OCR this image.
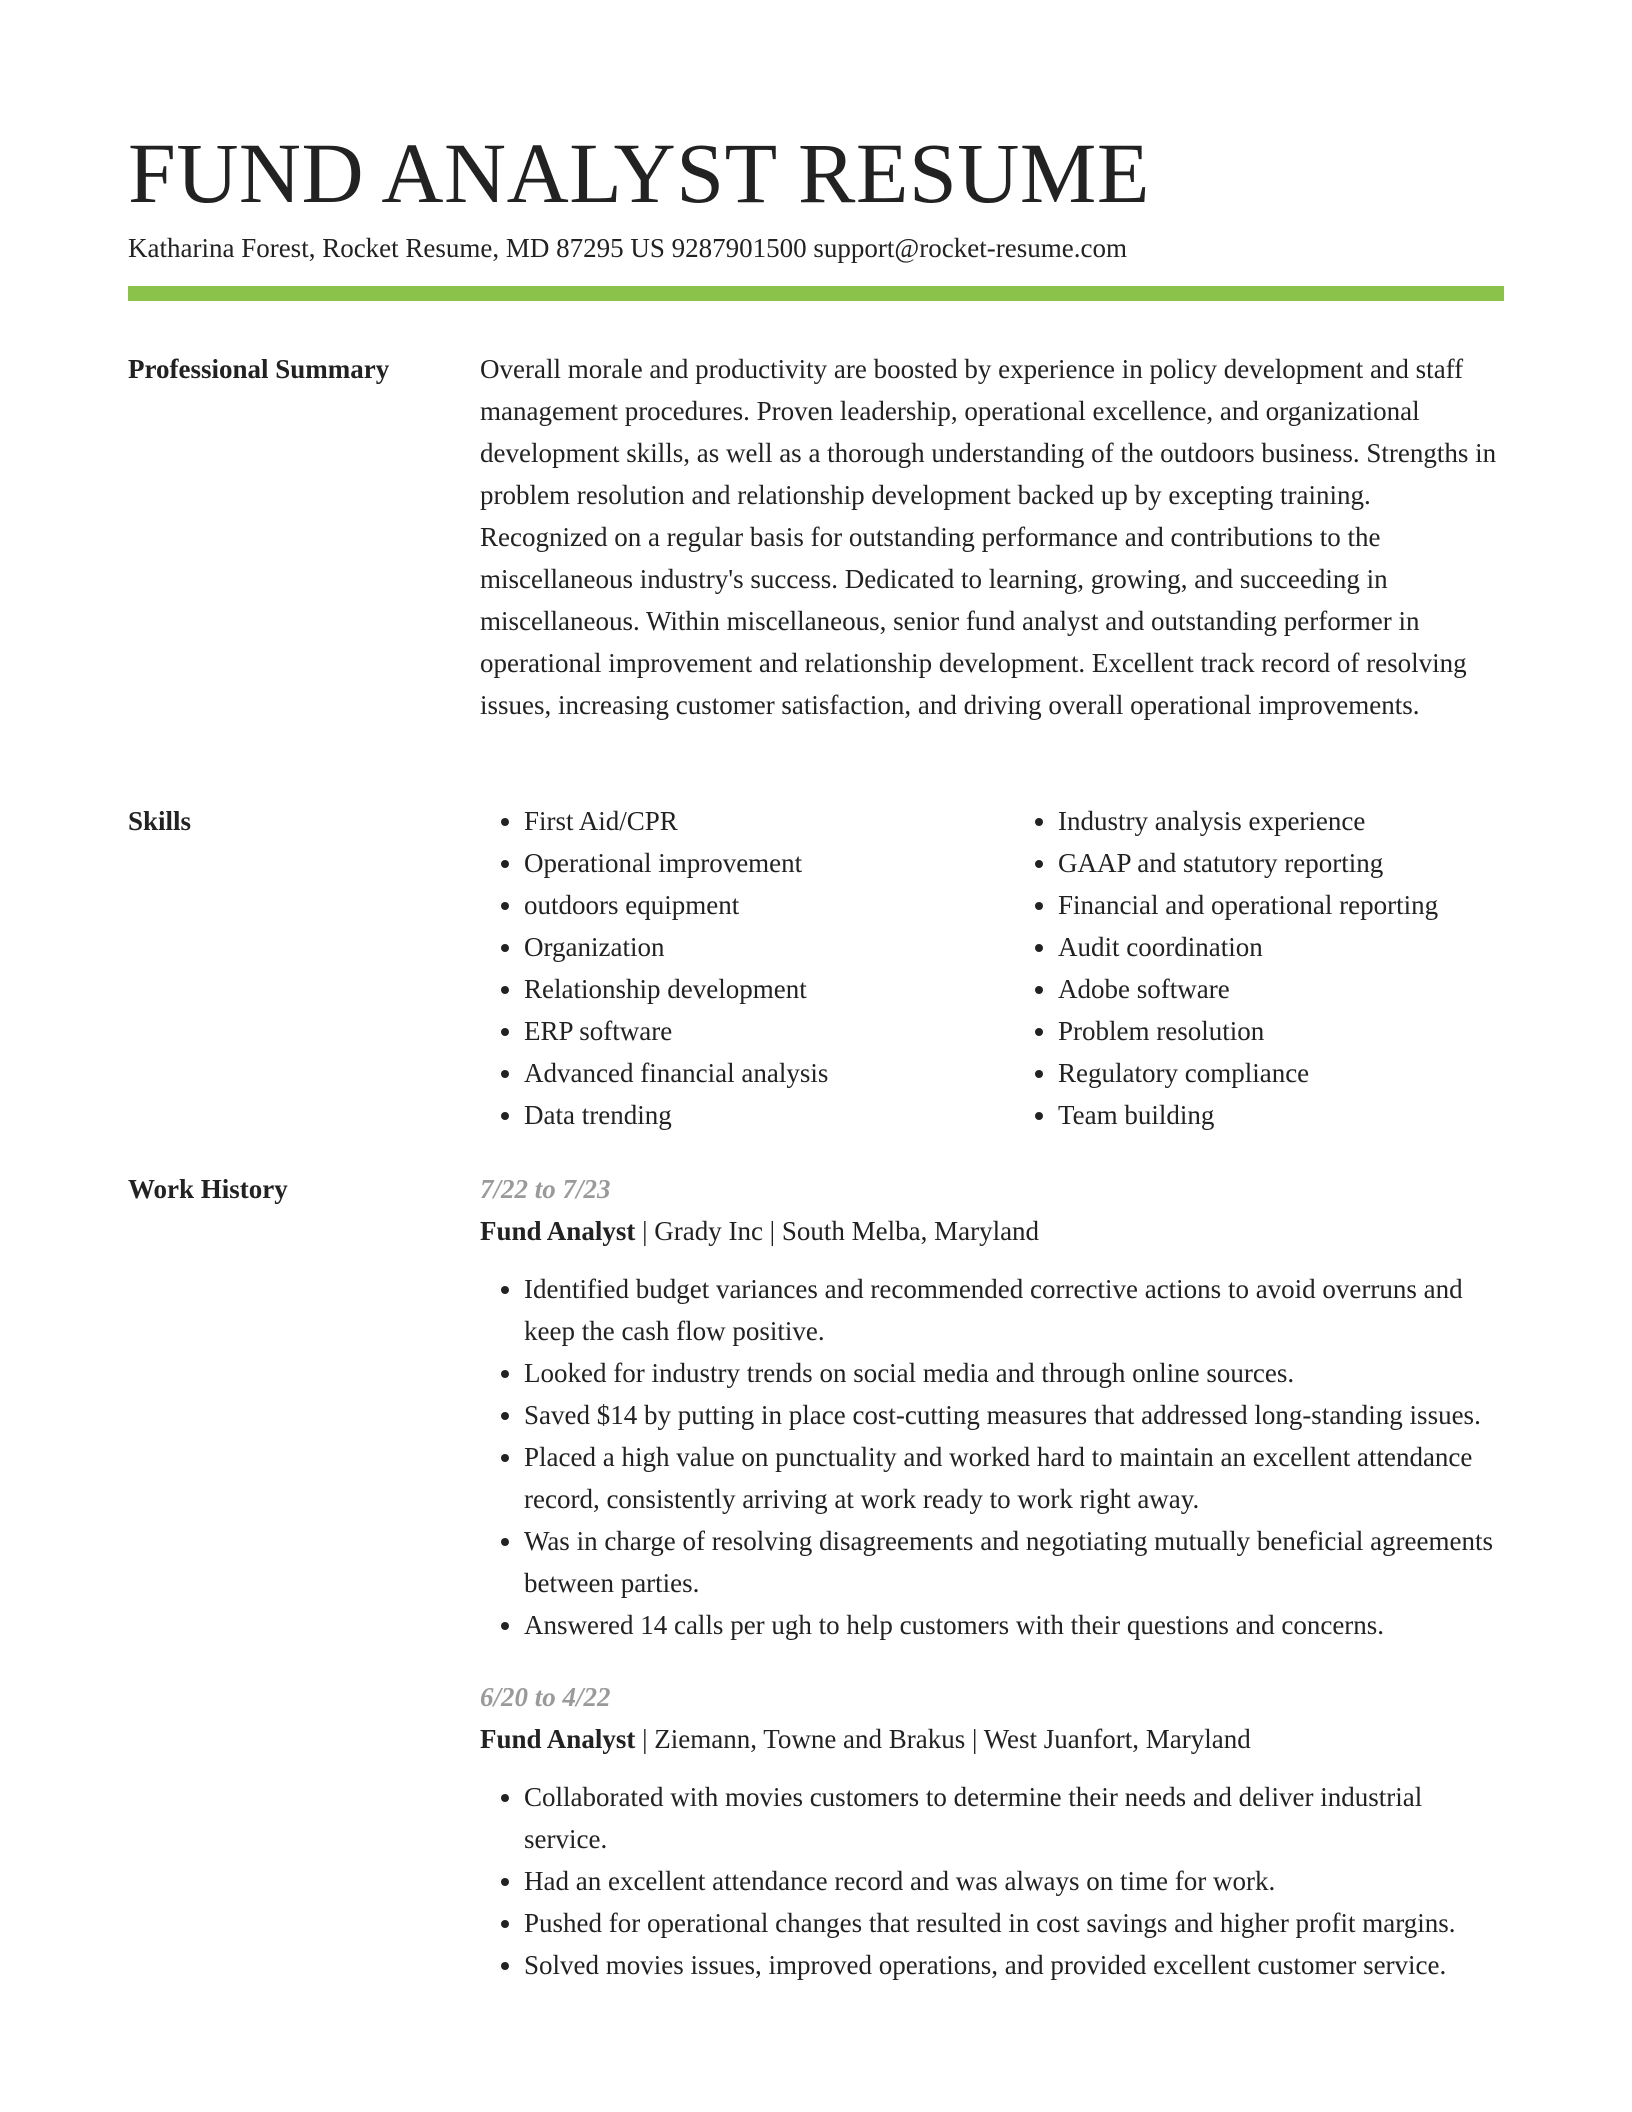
FUND ANALYST RESUME
Katharina Forest, Rocket Resume, MD 87295 US 9287901500 support@rocket-resume.com
Professional Summary	Overall morale and productivity are boosted by experience in policy development and staff management procedures. Proven leadership, operational excellence, and organizational development skills, as well as a thorough understanding of the outdoors business. Strengths in problem resolution and relationship development backed up by excepting training. Recognized on a regular basis for outstanding performance and contributions to the miscellaneous industry's success. Dedicated to learning, growing, and succeeding in miscellaneous. Within miscellaneous, senior fund analyst and outstanding performer in operational improvement and relationship development. Excellent track record of resolving issues, increasing customer satisfaction, and driving overall operational improvements.

Skills
•	First Aid/CPR
• Operational improvement
• outdoors equipment
• Organization
• Relationship development
• ERP software
• Advanced financial analysis
• Data trending
• Industry analysis experience
• GAAP and statutory reporting
• Financial and operational reporting
• Audit coordination
• Adobe software
• Problem resolution
• Regulatory compliance
• Team building
Work History	7/22 to 7/23

Fund Analyst | Grady Inc | South Melba, Maryland

• Identified budget variances and recommended corrective actions to avoid overruns and keep the cash flow positive.
• Looked for industry trends on social media and through online sources.
• Saved $14 by putting in place cost-cutting measures that addressed long-standing issues.
• Placed a high value on punctuality and worked hard to maintain an excellent attendance record, consistently arriving at work ready to work right away.
• Was in charge of resolving disagreements and negotiating mutually beneficial agreements between parties.
• Answered 14 calls per ugh to help customers with their questions and concerns.

6/20 to 4/22

Fund Analyst | Ziemann, Towne and Brakus | West Juanfort, Maryland

• Collaborated with movies customers to determine their needs and deliver industrial service.
• Had an excellent attendance record and was always on time for work.
• Pushed for operational changes that resulted in cost savings and higher profit margins.
• Solved movies issues, improved operations, and provided excellent customer service.
